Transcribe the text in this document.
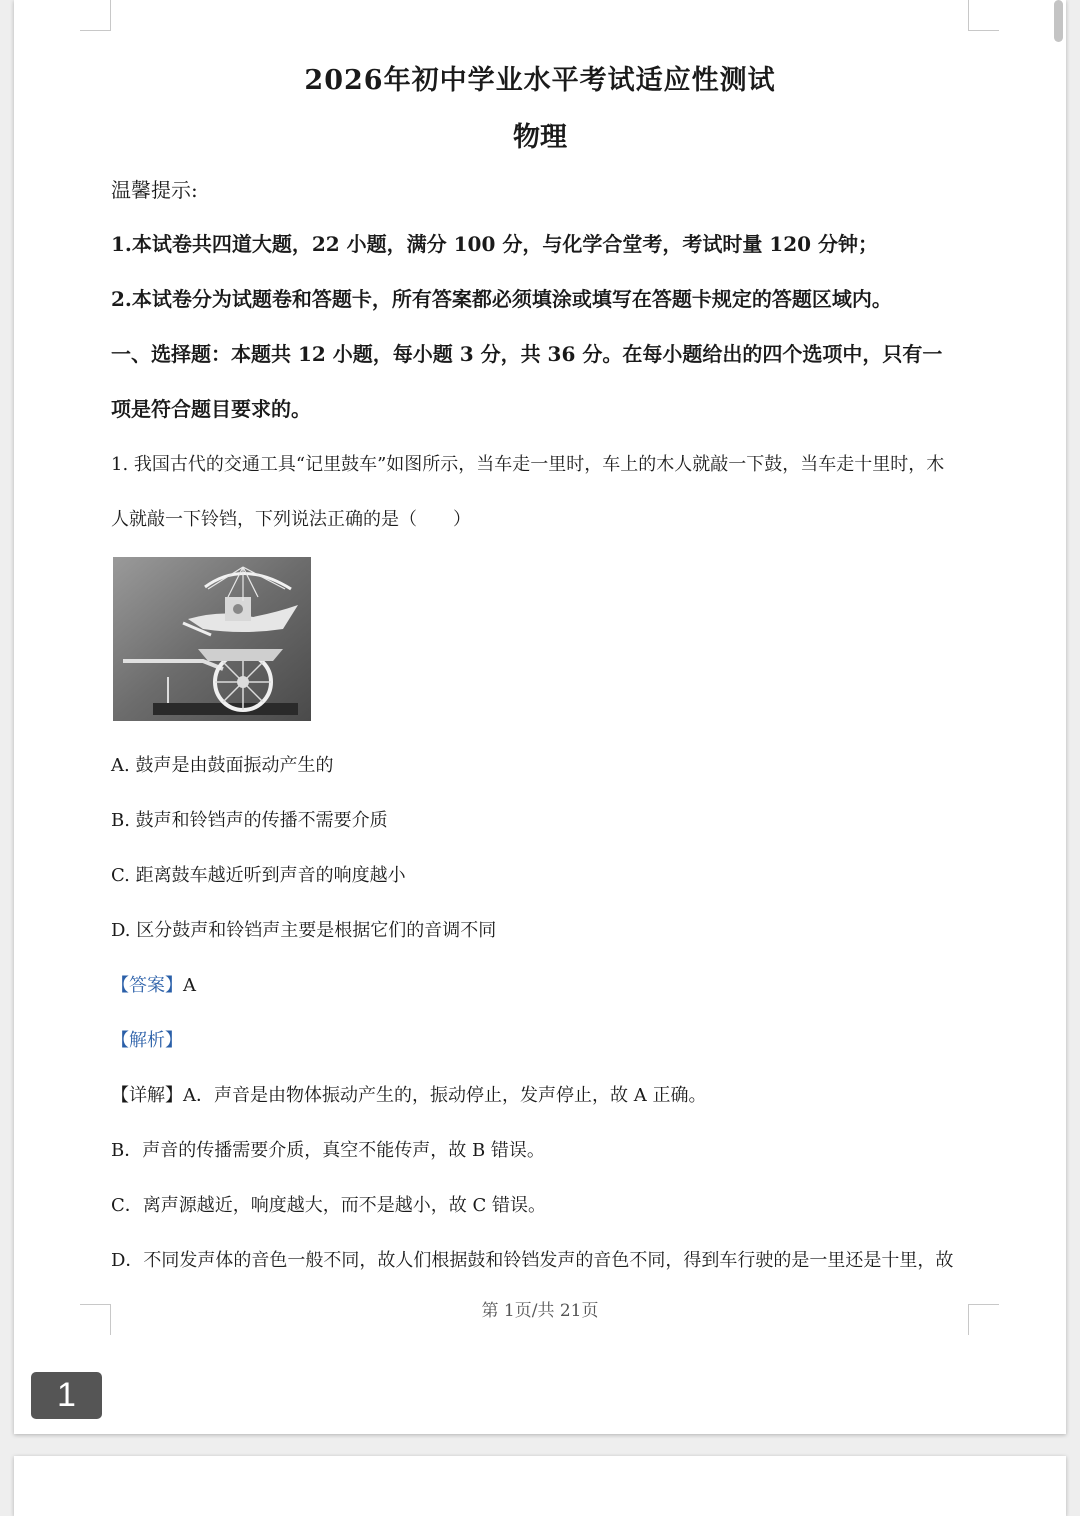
2026年初中学业水平考试适应性测试
物理
温馨提示:
1.本试卷共四道大题，22 小题，满分 100 分，与化学合堂考，考试时量 120 分钟；
2.本试卷分为试题卷和答题卡，所有答案都必须填涂或填写在答题卡规定的答题区域内。
一、选择题：本题共 12 小题，每小题 3 分，共 36 分。在每小题给出的四个选项中，只有一
项是符合题目要求的。
1. 我国古代的交通工具“记里鼓车”如图所示，当车走一里时，车上的木人就敲一下鼓，当车走十里时，木
人就敲一下铃铛，下列说法正确的是（　　）
A. 鼓声是由鼓面振动产生的
B. 鼓声和铃铛声的传播不需要介质
C. 距离鼓车越近听到声音的响度越小
D. 区分鼓声和铃铛声主要是根据它们的音调不同
【答案】A
【解析】
【详解】A．声音是由物体振动产生的，振动停止，发声停止，故 A 正确。
B．声音的传播需要介质，真空不能传声，故 B 错误。
C．离声源越近，响度越大，而不是越小，故 C 错误。
D．不同发声体的音色一般不同，故人们根据鼓和铃铛发声的音色不同，得到车行驶的是一里还是十里，故
第 1页/共 21页
1
